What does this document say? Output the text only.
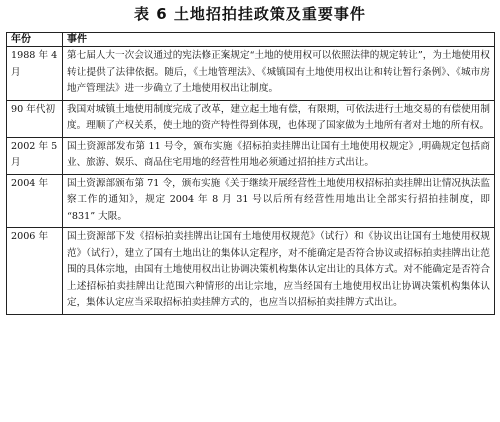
表 6 土地招拍挂政策及重要事件
年份	事件
1988 年 4 月	第七届人大一次会议通过的宪法修正案规定“土地的使用权可以依照法律的规定转让”，为土地使用权转让提供了法律依据。随后，《土地管理法》、《城镇国有土地使用权出让和转让暂行条例》、《城市房地产管理法》进一步确立了土地使用权出让制度。
90 年代初	我国对城镇土地使用制度完成了改革，建立起土地有偿，有限期，可依法进行土地交易的有偿使用制度。理顺了产权关系，使土地的资产特性得到体现，也体现了国家做为土地所有者对土地的所有权。
2002 年 5 月	国土资源部发布第 11 号令，颁布实施《招标拍卖挂牌出让国有土地使用权规定》,明确规定包括商业、旅游、娱乐、商品住宅用地的经营性用地必须通过招拍挂方式出让。
2004 年	国土资源部颁布第 71 令，颁布实施《关于继续开展经营性土地使用权招标拍卖挂牌出让情况执法监察工作的通知》，规定 2004 年 8 月 31 号以后所有经营性用地出让全部实行招拍挂制度，即 “831” 大限。
2006 年	国土资源部下发《招标拍卖挂牌出让国有土地使用权规范》（试行）和《协议出让国有土地使用权规范》（试行），建立了国有土地出让的集体认定程序，对不能确定是否符合协议或招标拍卖挂牌出让范围的具体宗地，由国有土地使用权出让协调决策机构集体认定出让的具体方式。对不能确定是否符合上述招标拍卖挂牌出让范围六种情形的出让宗地，应当经国有土地使用权出让协调决策机构集体认定，集体认定应当采取招标拍卖挂牌方式的，也应当以招标拍卖挂牌方式出让。
